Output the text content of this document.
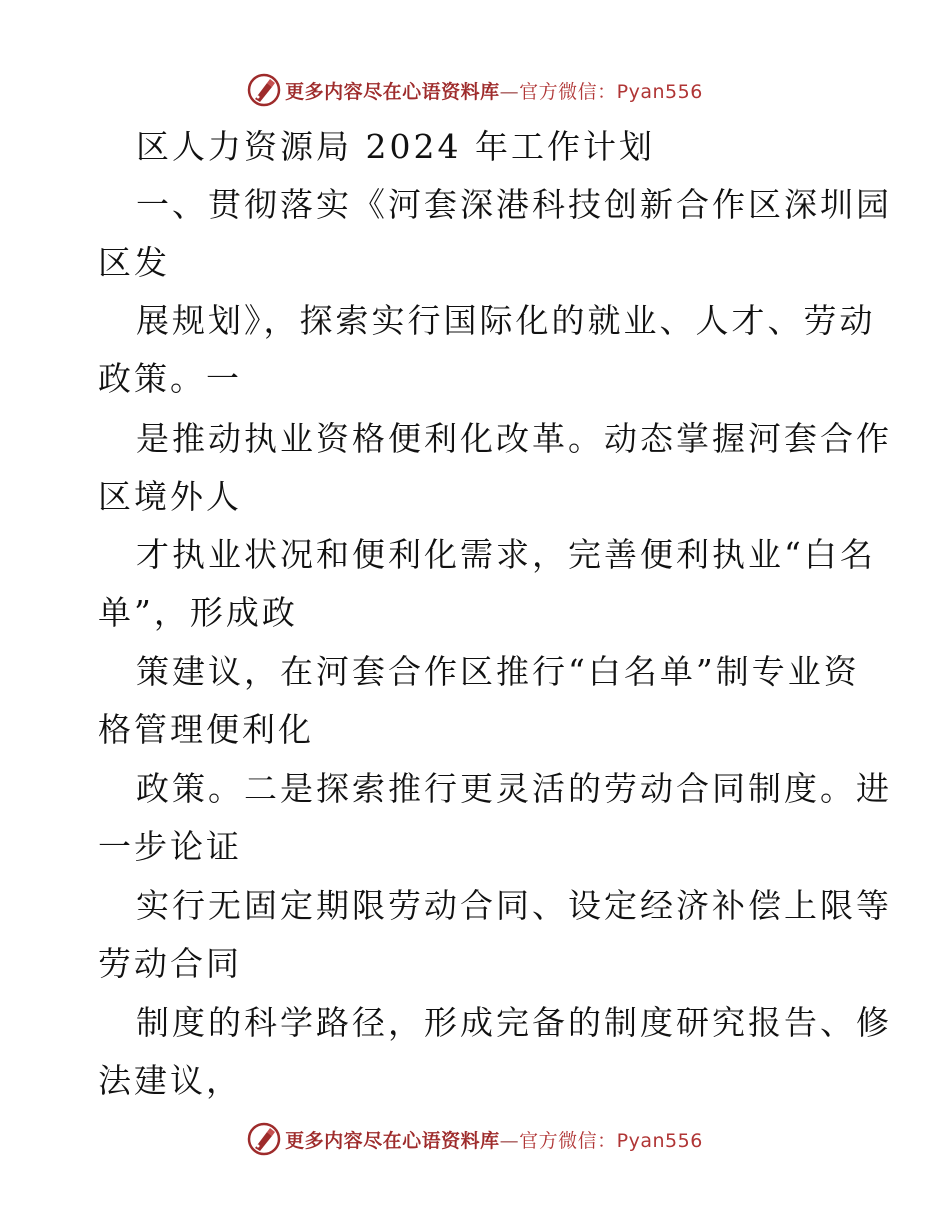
更多内容尽在心语资料库—官方微信：Pyan556
区人力资源局 2024 年工作计划
一、贯彻落实《河套深港科技创新合作区深圳园
区发
展规划》，探索实行国际化的就业、人才、劳动
政策。一
是推动执业资格便利化改革。动态掌握河套合作
区境外人
才执业状况和便利化需求，完善便利执业“白名
单”，形成政
策建议，在河套合作区推行“白名单”制专业资
格管理便利化
政策。二是探索推行更灵活的劳动合同制度。进
一步论证
实行无固定期限劳动合同、设定经济补偿上限等
劳动合同
制度的科学路径，形成完备的制度研究报告、修
法建议，
更多内容尽在心语资料库—官方微信：Pyan556
